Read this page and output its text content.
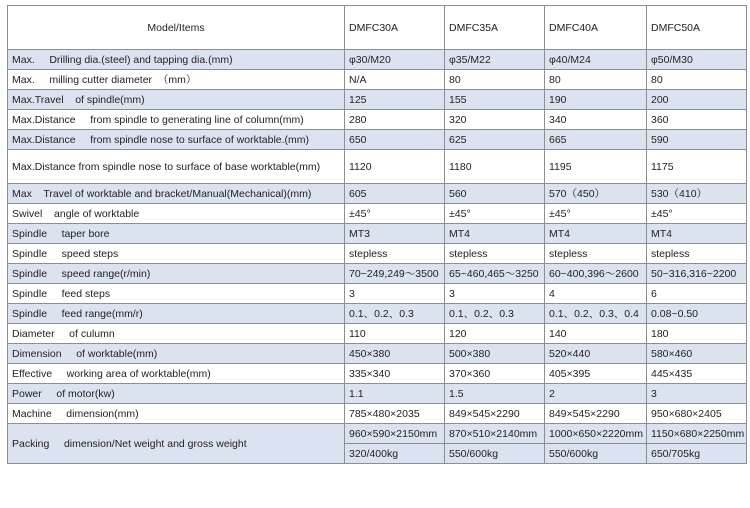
Model/Items	DMFC30A	DMFC35A	DMFC40A	DMFC50A
Max.     Drilling dia.(steel) and tapping dia.(mm)	φ30/M20	φ35/M22	φ40/M24	φ50/M30
Max.     milling cutter diameter  （mm）	N/A	80	80	80
Max.Travel    of spindle(mm)	125	155	190	200
Max.Distance     from spindle to generating line of column(mm)	280	320	340	360
Max.Distance     from spindle nose to surface of worktable.(mm)	650	625	665	590
Max.Distance from spindle nose to surface of base worktable(mm)	1120	1180	1195	1175
Max    Travel of worktable and bracket/Manual(Mechanical)(mm)	605	560	570（450）	530（410）
Swivel    angle of worktable	±45°	±45°	±45°	±45°
Spindle     taper bore	MT3	MT4	MT4	MT4
Spindle     speed steps	stepless	stepless	stepless	stepless
Spindle     speed range(r/min)	70~249,249～3500	65~460,465～3250	60~400,396～2600	50~316,316~2200
Spindle     feed steps	3	3	4	6
Spindle     feed range(mm/r)	0.1、0.2、0.3	0.1、0.2、0.3	0.1、0.2、0.3、0.4	0.08~0.50
Diameter     of culumn	110	120	140	180
Dimension     of worktable(mm)	450×380	500×380	520×440	580×460
Effective     working area of worktable(mm)	335×340	370×360	405×395	445×435
Power     of motor(kw)	1.1	1.5	2	3
Machine     dimension(mm)	785×480×2035	849×545×2290	849×545×2290	950×680×2405
Packing     dimension/Net weight and gross weight	960×590×2150mm	870×510×2140mm	1000×650×2220mm	1150×680×2250mm
	320/400kg	550/600kg	550/600kg	650/705kg
